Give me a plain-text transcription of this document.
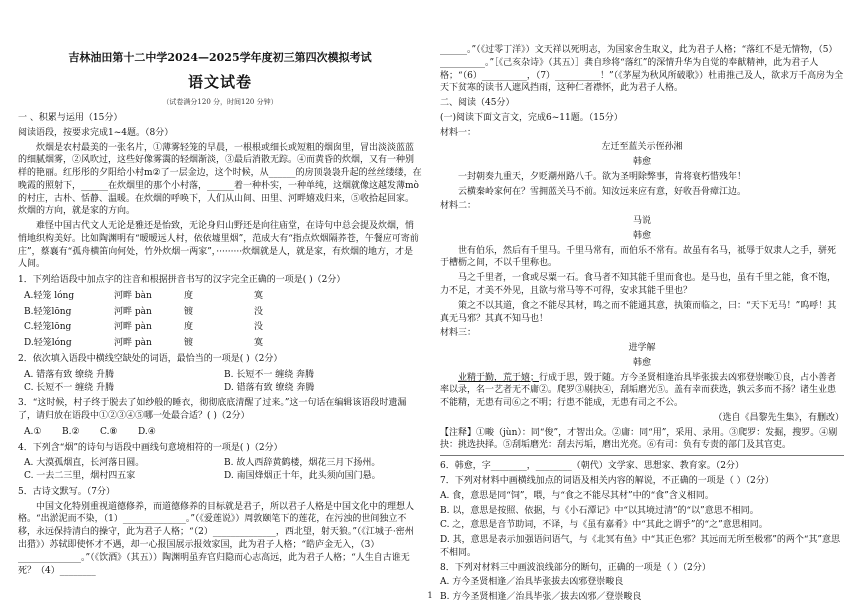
吉林油田第十二中学2024—2025学年度初三第四次模拟考试
语文试卷
（试卷满分120 分，时间120 分钟）

一 、积累与运用（15分）

阅读语段，按要求完成1~4题。（8分）

炊烟是农村最美的一张名片，①薄雾轻笼的早晨，一根根或细长或短粗的烟囱里，冒出淡淡蓝蓝的细腻烟雾，②风吹过，这些好像雾霭的轻烟渐淡，③最后消散无踪。④而黄昏的炊烟，又有一种别样的艳丽。红彤彤的夕阳给小村m②了一层金边，这个时候，从______的房顶袅袅升起的丝丝缕缕，在晚霞的照射下，______在炊烟里的那个小村落，______着一种朴实，一种单纯，这烟就像这越发薄mò的村庄，古朴、恬静、温暖。在炊烟的呼唤下，人们从山间、田里、河畔嬉戏归来，⑤收拾起回家。炊烟的方向，就是家的方向。

难怪中国古代文人无论是雅还是怡致，无论身归山野还是向往庙堂，在诗句中总会提及炊烟，悄悄地织构美好。比如陶渊明有“暧暧远人村，依依墟里烟”，范成大有“指点炊烟隔荞苍，午餐应可寄前庄”，蔡襄有“孤舟横笛向何处，竹外炊烟一两家”，·········炊烟就是人，就是家，有炊烟的地方，才是人间。

1．下列给语段中加点字的注音和根据拼音书写的汉字完全正确的一项是( )（2分）

A.轻笼 lóng	河畔 bàn	度	寞
B.轻笼lōng	河畔 pàn	镀	没
C.轻笼lōng	河畔 pàn	度	没
D.轻笼lóng	河畔 pàn	镀	寞

2．依次填入语段中横线空缺处的词语，最恰当的一项是( )（2分）

A. 错落有致 缭绕 升腾	B. 长短不一 缠绕 奔腾
C. 长短不一 缠绕 升腾	D. 错落有致 缭绕 奔腾

3．“这时候，村子终于脱去了如纱般的睡衣，彻彻底底清醒了过来。”这一句话在编辑该语段时遗漏了，请归放在语段中①②③④⑤哪一处最合适？( )（2分）

A.①	B.②	C.⑧	D.④

4．下列含“烟”的诗句与语段中画线句意境相符的一项是( )（2分）

A. 大漠孤烟直，长河落日圆。	B. 故人西辞黄鹤楼，烟花三月下扬州。
C. 一去二三里，烟村四五家	D. 南国烽烟正十年，此头须向国门悬。

5．古诗文默写。（7分）

中国文化特别重视道德修养，而道德修养的目标就是君子，所以君子人格是中国文化中的理想人格。“出淤泥而不染，（1）______________。”（《爱莲说》）周敦颐笔下的莲花，在污浊的世间独立不移，永远保持清白的操守，此为君子人格；“（2）______________，西北望，射天狼。”（《江城子·密州出猎》）苏轼即使怀才不遇，却一心报国展示报效家国，此为君子人格；“皓庐金无入，（3）______________。”（《饮酒》（其五））陶渊明虽弃官归隐而心志高远，此为君子人格；“人生自古谁无死？（4）________

______。”（《过零丁洋》）文天祥以死明志，为国家舍生取义，此为君子人格；“落红不是无情物，（5）__________。”［《己亥杂诗》（其五）］龚自珍将“落红”的深情升华为自觉的奉献精神，此为君子人格；“（6）__________，（7）__________！”（《茅屋为秋风所破歌》）杜甫推己及人，欲求万千高房为全天下贫寒的读书人遮风挡雨，这种仁者襟怀，此为君子人格。

二、阅读（45分）

(一)阅读下面文言文，完成6~11题。（15分）

材料一：

左迁至蓝关示侄孙湘

韩愈

一封朝奏九重天，夕贬潮州路八千。欲为圣明除弊事，肯将衰朽惜残年！

云横秦岭家何在？雪拥蓝关马不前。知汝远来应有意，好收吾骨瘴江边。

材料二：

马说

韩愈

世有伯乐，然后有千里马。千里马常有，而伯乐不常有。故虽有名马，祗辱于奴隶人之手，骈死于槽枥之间，不以千里称也。

马之千里者，一食或尽粟一石。食马者不知其能千里而食也。是马也，虽有千里之能，食不饱，力不足，才美不外见，且欲与常马等不可得，安求其能千里也？

策之不以其道，食之不能尽其材，鸣之而不能通其意，执策而临之，曰：“天下无马！”呜呼！其真无马邪？其真不知马也！

材料三：

进学解

韩愈

业精于勤，荒于嬉；行成于思，毁于随。方今圣贤相逢治具毕张拔去凶邪登崇畯①良，占小善者率以录，名一艺者无不庸②。爬罗③剔抉④，刮垢磨光⑤。盖有幸而获选，孰云多而不扬？诸生业患不能精，无患有司⑥之不明；行患不能成，无患有司之不公。

（选自《昌黎先生集》，有删改）

【注释】①畯（jùn）：同“俊”，才智出众。②庸：同“用”，采用、录用。③爬罗：发掘，搜罗。④剔抉：挑选抉择。⑤刮垢磨光：刮去污垢，磨出光亮。⑥有司：负有专责的部门及其官吏。

6．韩愈，字________，________（朝代）文学家、思想家、教育家。（2分）

7．下列对材料中画横线加点的词语及相关内容的解说，不正确的一项是（ ）（2分）

A. 食，意思是同“饲”，喂，与“食之不能尽其材”中的“食”含义相同。

B. 以，意思是按照、依据，与《小石潭记》中“以其境过清”的“以”意思不相同。

C. 之，意思是音节助词，不译，与《虽有嘉肴》中“其此之谓乎”的“之”意思相同。

D. 其，意思是表示加强语问语气，与《北冥有鱼》中“其正色邪？其远而无所至极邪”的两个“其”意思不相同。

8．下列对材料三中画波浪线部分的断句，正确的一项是（ ）（2分）

A. 方今圣贤相逢／治具毕张拔去凶邪登崇畯良

B. 方今圣贤相逢／治具毕张／拔去凶邪／登崇畯良

1
